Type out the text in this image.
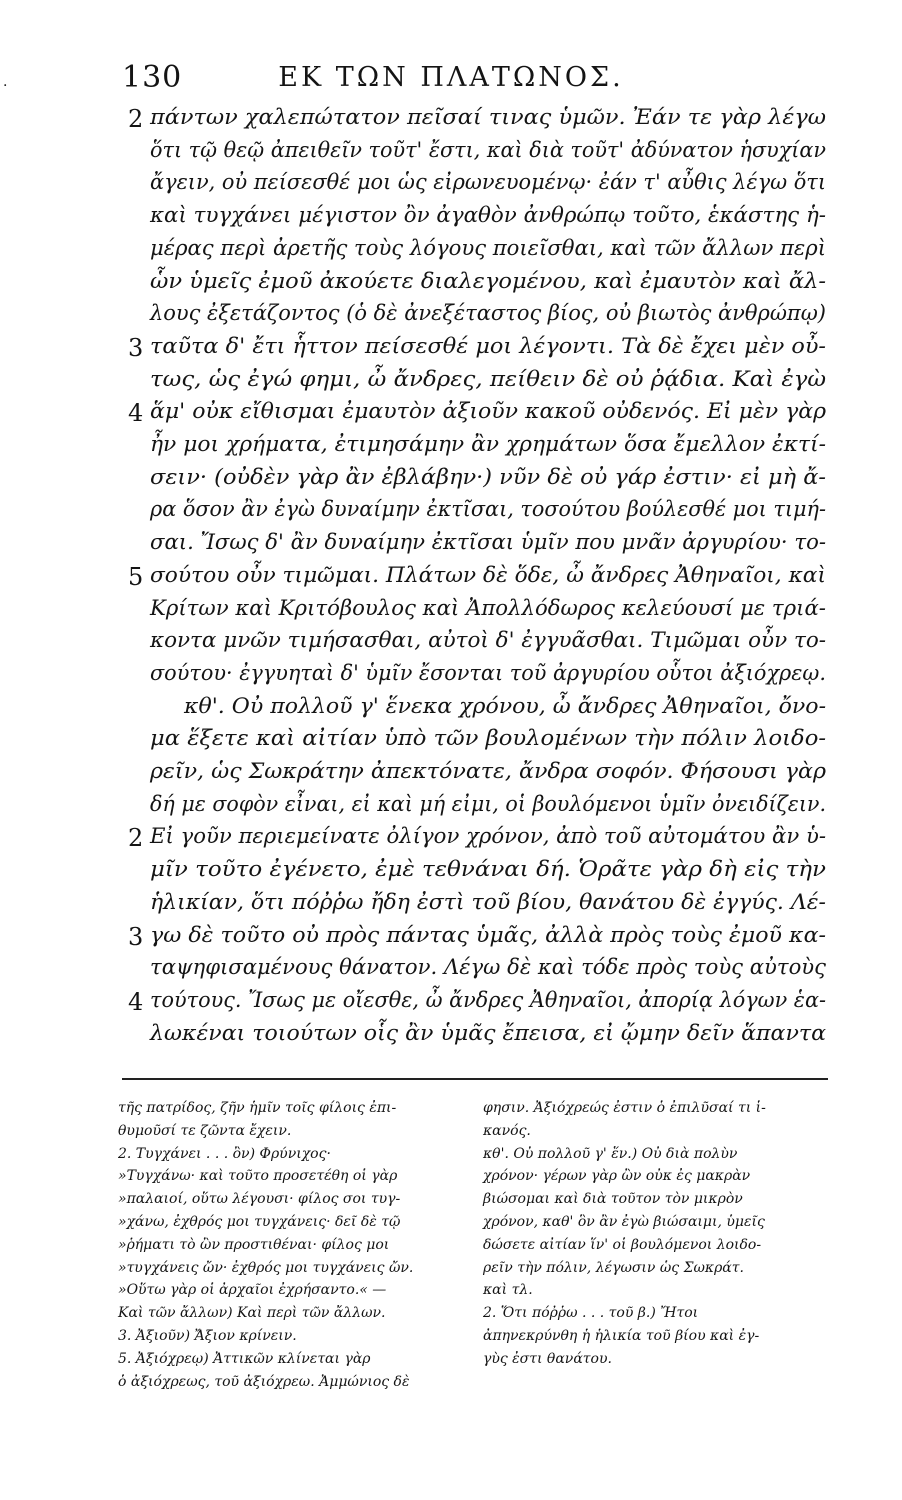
130	ΕΚ ΤΩΝ ΠΛΑΤΩΝΟΣ.
·
2 πάντων χαλεπώτατον πεῖσαί τινας ὑμῶν. Ἐάν τε γὰρ λέγω
ὅτι τῷ θεῷ ἀπειθεῖν τοῦτ' ἔστι, καὶ διὰ τοῦτ' ἀδύνατον ἡσυχίαν
ἄγειν, οὐ πείσεσθέ μοι ὡς εἰρωνευομένῳ· ἐάν τ' αὖθις λέγω ὅτι
καὶ τυγχάνει μέγιστον ὂν ἀγαθὸν ἀνθρώπῳ τοῦτο, ἑκάστης ἡ-
μέρας περὶ ἀρετῆς τοὺς λόγους ποιεῖσθαι, καὶ τῶν ἄλλων περὶ
ὧν ὑμεῖς ἐμοῦ ἀκούετε διαλεγομένου, καὶ ἐμαυτὸν καὶ ἄλ-
λους ἐξετάζοντος (ὁ δὲ ἀνεξέταστος βίος, οὐ βιωτὸς ἀνθρώπῳ)
3 ταῦτα δ' ἔτι ἧττον πείσεσθέ μοι λέγοντι. Τὰ δὲ ἔχει μὲν οὖ-
τως, ὡς ἐγώ φημι, ὦ ἄνδρες, πείθειν δὲ οὐ ῥᾴδια. Καὶ ἐγὼ
4 ἅμ' οὐκ εἴθισμαι ἐμαυτὸν ἀξιοῦν κακοῦ οὐδενός. Εἰ μὲν γὰρ
ἦν μοι χρήματα, ἐτιμησάμην ἂν χρημάτων ὅσα ἔμελλον ἐκτί-
σειν· (οὐδὲν γὰρ ἂν ἐβλάβην·) νῦν δὲ οὐ γάρ ἐστιν· εἰ μὴ ἄ-
ρα ὅσον ἂν ἐγὼ δυναίμην ἐκτῖσαι, τοσούτου βούλεσθέ μοι τιμή-
σαι. Ἴσως δ' ἂν δυναίμην ἐκτῖσαι ὑμῖν που μνᾶν ἀργυρίου· το-
5 σούτου οὖν τιμῶμαι. Πλάτων δὲ ὅδε, ὦ ἄνδρες Ἀθηναῖοι, καὶ
Κρίτων καὶ Κριτόβουλος καὶ Ἀπολλόδωρος κελεύουσί με τριά-
κοντα μνῶν τιμήσασθαι, αὐτοὶ δ' ἐγγυᾶσθαι. Τιμῶμαι οὖν το-
σούτου· ἐγγυηταὶ δ' ὑμῖν ἔσονται τοῦ ἀργυρίου οὗτοι ἀξιόχρεῳ.
κθ'. Οὐ πολλοῦ γ' ἕνεκα χρόνου, ὦ ἄνδρες Ἀθηναῖοι, ὄνο-
μα ἕξετε καὶ αἰτίαν ὑπὸ τῶν βουλομένων τὴν πόλιν λοιδο-
ρεῖν, ὡς Σωκράτην ἀπεκτόνατε, ἄνδρα σοφόν. Φήσουσι γὰρ
δή με σοφὸν εἶναι, εἰ καὶ μή εἰμι, οἱ βουλόμενοι ὑμῖν ὀνειδίζειν.
2 Εἰ γοῦν περιεμείνατε ὀλίγον χρόνον, ἀπὸ τοῦ αὐτομάτου ἂν ὑ-
μῖν τοῦτο ἐγένετο, ἐμὲ τεθνάναι δή. Ὁρᾶτε γὰρ δὴ εἰς τὴν
ἡλικίαν, ὅτι πόῤῥω ἤδη ἐστὶ τοῦ βίου, θανάτου δὲ ἐγγύς. Λέ-
3 γω δὲ τοῦτο οὐ πρὸς πάντας ὑμᾶς, ἀλλὰ πρὸς τοὺς ἐμοῦ κα-
ταψηφισαμένους θάνατον. Λέγω δὲ καὶ τόδε πρὸς τοὺς αὐτοὺς
4 τούτους. Ἴσως με οἴεσθε, ὦ ἄνδρες Ἀθηναῖοι, ἀπορίᾳ λόγων ἑα-
λωκέναι τοιούτων οἷς ἂν ὑμᾶς ἔπεισα, εἰ ᾤμην δεῖν ἅπαντα
τῆς πατρίδος, ζῆν ἡμῖν τοῖς φίλοις ἐπι-
θυμοῦσί τε ζῶντα ἔχειν.
2. Τυγχάνει . . . ὂν) Φρύνιχος·
»Τυγχάνω· καὶ τοῦτο προσετέθη οἱ γὰρ
»παλαιοί, οὕτω λέγουσι· φίλος σοι τυγ-
»χάνω, ἐχθρός μοι τυγχάνεις· δεῖ δὲ τῷ
»ῥήματι τὸ ὢν προστιθέναι· φίλος μοι
»τυγχάνεις ὤν· ἐχθρός μοι τυγχάνεις ὤν.
»Οὕτω γὰρ οἱ ἀρχαῖοι ἐχρήσαντο.« —
Καὶ τῶν ἄλλων) Καὶ περὶ τῶν ἄλλων.
3. Ἀξιοῦν) Ἄξιον κρίνειν.
5. Ἀξιόχρεῳ) Ἀττικῶν κλίνεται γὰρ
ὁ ἀξιόχρεως, τοῦ ἀξιόχρεω. Ἀμμώνιος δὲ
φησιν. Ἀξιόχρεώς ἐστιν ὁ ἐπιλῦσαί τι ἱ-
κανός.
κθ'. Οὐ πολλοῦ γ' ἕν.) Οὐ διὰ πολὺν
χρόνον· γέρων γὰρ ὢν οὐκ ἐς μακρὰν
βιώσομαι καὶ διὰ τοῦτον τὸν μικρὸν
χρόνον, καθ' ὃν ἂν ἐγὼ βιώσαιμι, ὑμεῖς
δώσετε αἰτίαν ἵν' οἱ βουλόμενοι λοιδο-
ρεῖν τὴν πόλιν, λέγωσιν ὡς Σωκράτ.
καὶ τλ.
2. Ὅτι πόῤῥω . . . τοῦ β.) Ἤτοι
ἀπηνεκρύνθη ἡ ἡλικία τοῦ βίου καὶ ἐγ-
γὺς ἐστι θανάτου.
